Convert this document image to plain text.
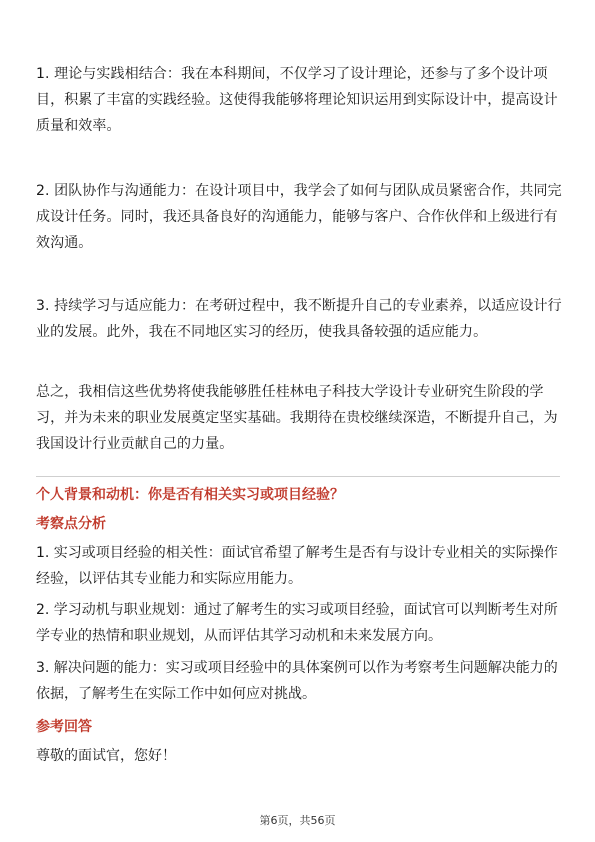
1. 理论与实践相结合：我在本科期间，不仅学习了设计理论，还参与了多个设计项目，积累了丰富的实践经验。这使得我能够将理论知识运用到实际设计中，提高设计质量和效率。

2. 团队协作与沟通能力：在设计项目中，我学会了如何与团队成员紧密合作，共同完成设计任务。同时，我还具备良好的沟通能力，能够与客户、合作伙伴和上级进行有效沟通。

3. 持续学习与适应能力：在考研过程中，我不断提升自己的专业素养，以适应设计行业的发展。此外，我在不同地区实习的经历，使我具备较强的适应能力。

总之，我相信这些优势将使我能够胜任桂林电子科技大学设计专业研究生阶段的学习，并为未来的职业发展奠定坚实基础。我期待在贵校继续深造，不断提升自己，为我国设计行业贡献自己的力量。

个人背景和动机：你是否有相关实习或项目经验？

考察点分析

1. 实习或项目经验的相关性：面试官希望了解考生是否有与设计专业相关的实际操作经验，以评估其专业能力和实际应用能力。

2. 学习动机与职业规划：通过了解考生的实习或项目经验，面试官可以判断考生对所学专业的热情和职业规划，从而评估其学习动机和未来发展方向。

3. 解决问题的能力：实习或项目经验中的具体案例可以作为考察考生问题解决能力的依据，了解考生在实际工作中如何应对挑战。

参考回答

尊敬的面试官，您好！

第6页，共56页
